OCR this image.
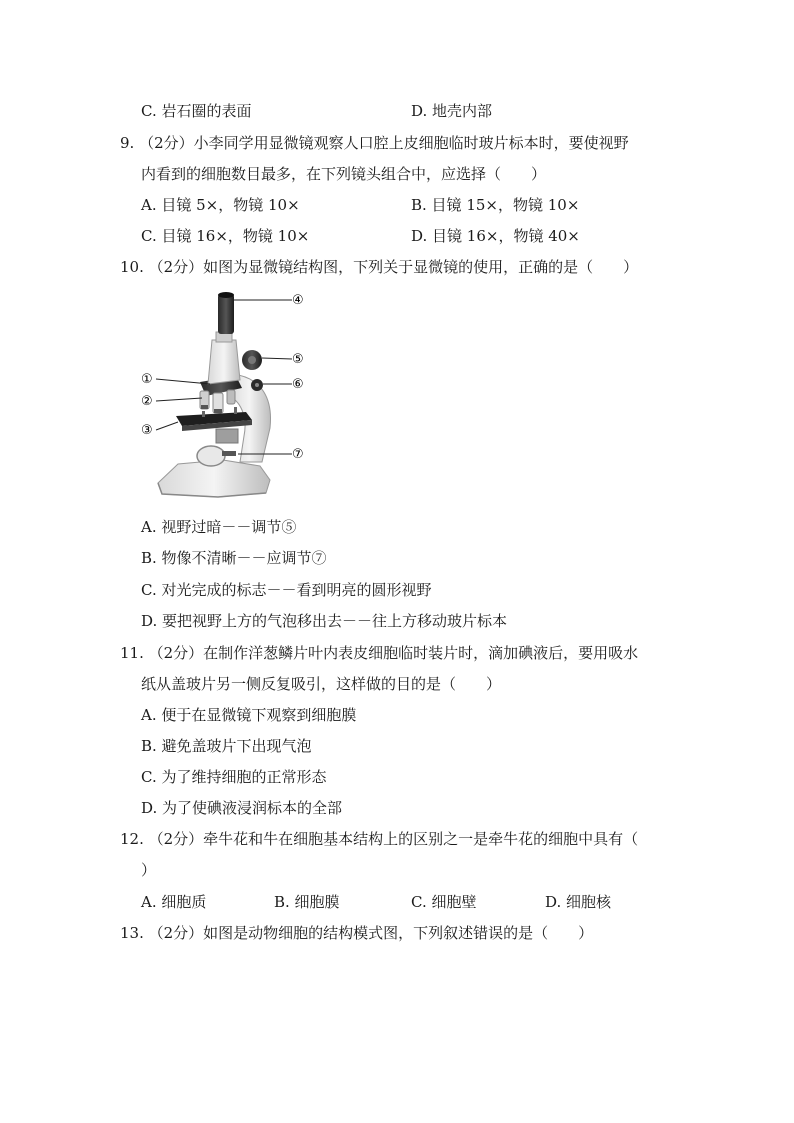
C. 岩石圈的表面	D. 地壳内部
9. （2分）小李同学用显微镜观察人口腔上皮细胞临时玻片标本时，要使视野
内看到的细胞数目最多，在下列镜头组合中，应选择（　　）
A. 目镜 5×，物镜 10×	B. 目镜 15×，物镜 10×
C. 目镜 16×，物镜 10×	D. 目镜 16×，物镜 40×
10. （2分）如图为显微镜结构图，下列关于显微镜的使用，正确的是（　　）
④
⑤
⑥
①
②
③
⑦
A. 视野过暗－－调节⑤
B. 物像不清晰－－应调节⑦
C. 对光完成的标志－－看到明亮的圆形视野
D. 要把视野上方的气泡移出去－－往上方移动玻片标本
11. （2分）在制作洋葱鳞片叶内表皮细胞临时装片时，滴加碘液后，要用吸水
纸从盖玻片另一侧反复吸引，这样做的目的是（　　）
A. 便于在显微镜下观察到细胞膜
B. 避免盖玻片下出现气泡
C. 为了维持细胞的正常形态
D. 为了使碘液浸润标本的全部
12. （2分）牵牛花和牛在细胞基本结构上的区别之一是牵牛花的细胞中具有（
）
A. 细胞质	B. 细胞膜	C. 细胞壁	D. 细胞核
13. （2分）如图是动物细胞的结构模式图，下列叙述错误的是（　　）
